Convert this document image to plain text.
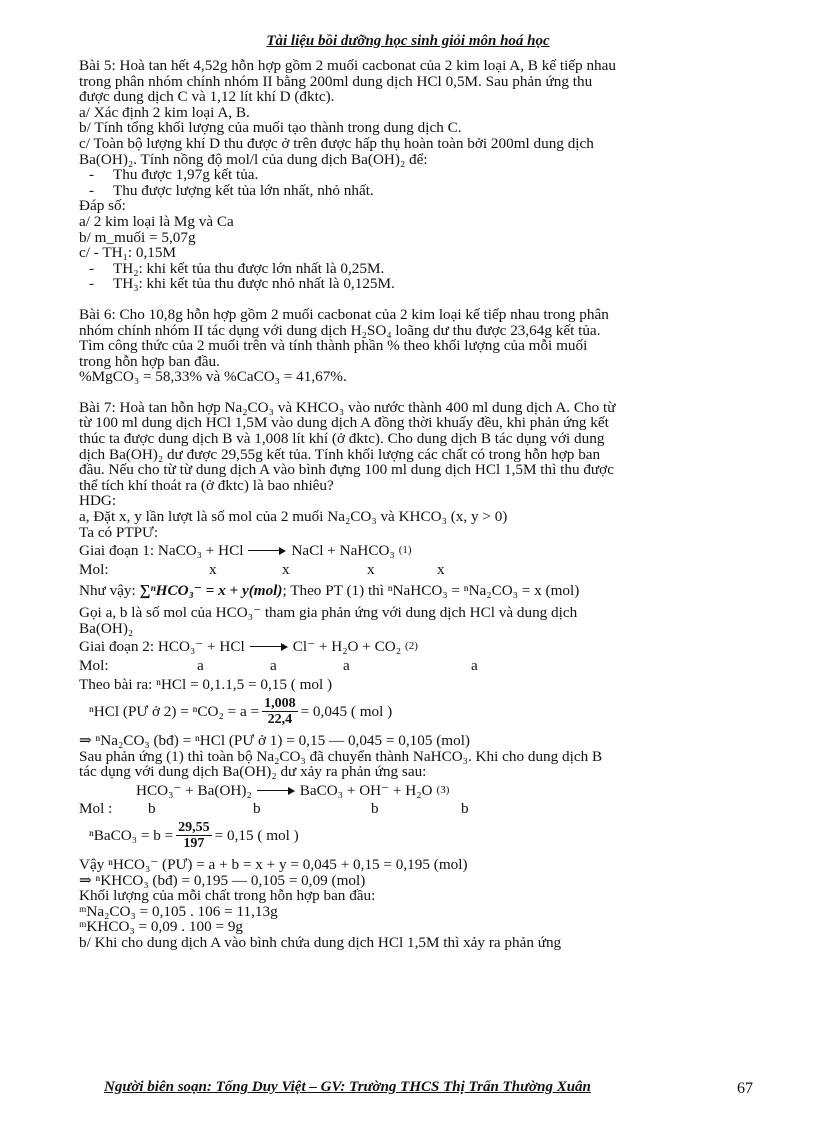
Tài liệu bồi dưỡng học sinh giỏi môn hoá học

Bài 5: Hoà tan hết 4,52g hỗn hợp gồm 2 muối cacbonat của 2 kim loại A, B kế tiếp nhau

trong phân nhóm chính nhóm II bằng 200ml dung dịch HCl 0,5M. Sau phản ứng thu

được dung dịch C và 1,12 lít khí D (đktc).

a/ Xác định 2 kim loại A, B.

b/ Tính tổng khối lượng của muối tạo thành trong dung dịch C.

c/ Toàn bộ lượng khí D thu được ở trên được hấp thụ hoàn toàn bởi 200ml dung dịch

Ba(OH)₂. Tính nồng độ mol/l của dung dịch Ba(OH)₂ để:

- Thu được 1,97g kết tủa.

- Thu được lượng kết tủa lớn nhất, nhỏ nhất.

Đáp số:

a/ 2 kim loại là Mg và Ca

b/ m_muối = 5,07g

c/ - TH₁: 0,15M

- TH₂: khi kết tủa thu được lớn nhất là 0,25M.

- TH₃: khi kết tủa thu được nhỏ nhất là 0,125M.

Bài 6: Cho 10,8g hỗn hợp gồm 2 muối cacbonat của 2 kim loại kế tiếp nhau trong phân

nhóm chính nhóm II tác dụng với dung dịch H₂SO₄ loãng dư thu được 23,64g kết tủa.

Tìm công thức của 2 muối trên và tính thành phần % theo khối lượng của mỗi muối

trong hỗn hợp ban đầu.

%MgCO₃ = 58,33% và %CaCO₃ = 41,67%.

Bài 7: Hoà tan hỗn hợp Na₂CO₃ và KHCO₃ vào nước thành 400 ml dung dịch A. Cho từ

từ 100 ml dung dịch HCl 1,5M vào dung dịch A đồng thời khuấy đều, khi phản ứng kết

thúc ta được dung dịch B và 1,008 lít khí (ở đktc). Cho dung dịch B tác dụng với dung

dịch Ba(OH)₂ dư được 29,55g kết tủa. Tính khối lượng các chất có trong hỗn hợp ban

đầu. Nếu cho từ từ dung dịch A vào bình đựng 100 ml dung dịch HCl 1,5M thì thu được

thể tích khí thoát ra (ở đktc) là bao nhiêu?

HDG:

a, Đặt x, y lần lượt là số mol của 2 muối Na₂CO₃ và KHCO₃ (x, y > 0)

Ta có PTPƯ:

Giai đoạn 1:
NaCO₃ + HCl	NaCl + NaHCO₃ (1)
Mol:	x	x	x	x
Như vậy:
∑ⁿHCO₃⁻ = x + y(mol) ; Theo PT (1) thì ⁿNaHCO₃ = ⁿNa₂CO₃ = x (mol)

Gọi a, b là số mol của HCO₃⁻ tham gia phản ứng với dung dịch HCl và dung dịch

Ba(OH)₂

Giai đoạn 2:
HCO₃⁻ + HCl	Cl⁻ + H₂O + CO₂ (2)
Mol:	a	a	a	a

Theo bài ra: ⁿHCl = 0,1.1,5 = 0,15 ( mol )

ⁿHCl (PƯ ở $2) = ^nCO_2 = a = \frac{1,008}{22,4} = 0,045$ ( mol )

⇒ ⁿNa₂CO₃ (bđ) = ⁿHCl (PƯ ở 1) = 0,15 — 0,045 = 0,105 (mol)

Sau phản ứng (1) thì toàn bộ Na₂CO₃ đã chuyển thành NaHCO₃. Khi cho dung dịch B

tác dụng với dung dịch Ba(OH)₂ dư xảy ra phản ứng sau:

HCO₃⁻ + Ba(OH)₂	BaCO₃ + OH⁻ + H₂O (3)
Mol :	b	b	b	b
ⁿBaCO₃ = $b = \frac{29,55}{197} = 0,15$ ( mol )

Vậy ⁿHCO₃⁻ (PƯ) = a + b = x + y = 0,045 + 0,15 = 0,195 (mol)

⇒ ⁿKHCO₃ (bđ) = 0,195 — 0,105 = 0,09 (mol)

Khối lượng của mỗi chất trong hỗn hợp ban đầu:

ᵐNa₂CO₃ = 0,105 . 106 = 11,13g

ᵐKHCO₃ = 0,09 . 100 = 9g

b/ Khi cho dung dịch A vào bình chứa dung dịch HCl 1,5M thì xảy ra phản ứng

Người biên soạn: Tống Duy Việt – GV: Trường THCS Thị Trấn Thường Xuân	67
